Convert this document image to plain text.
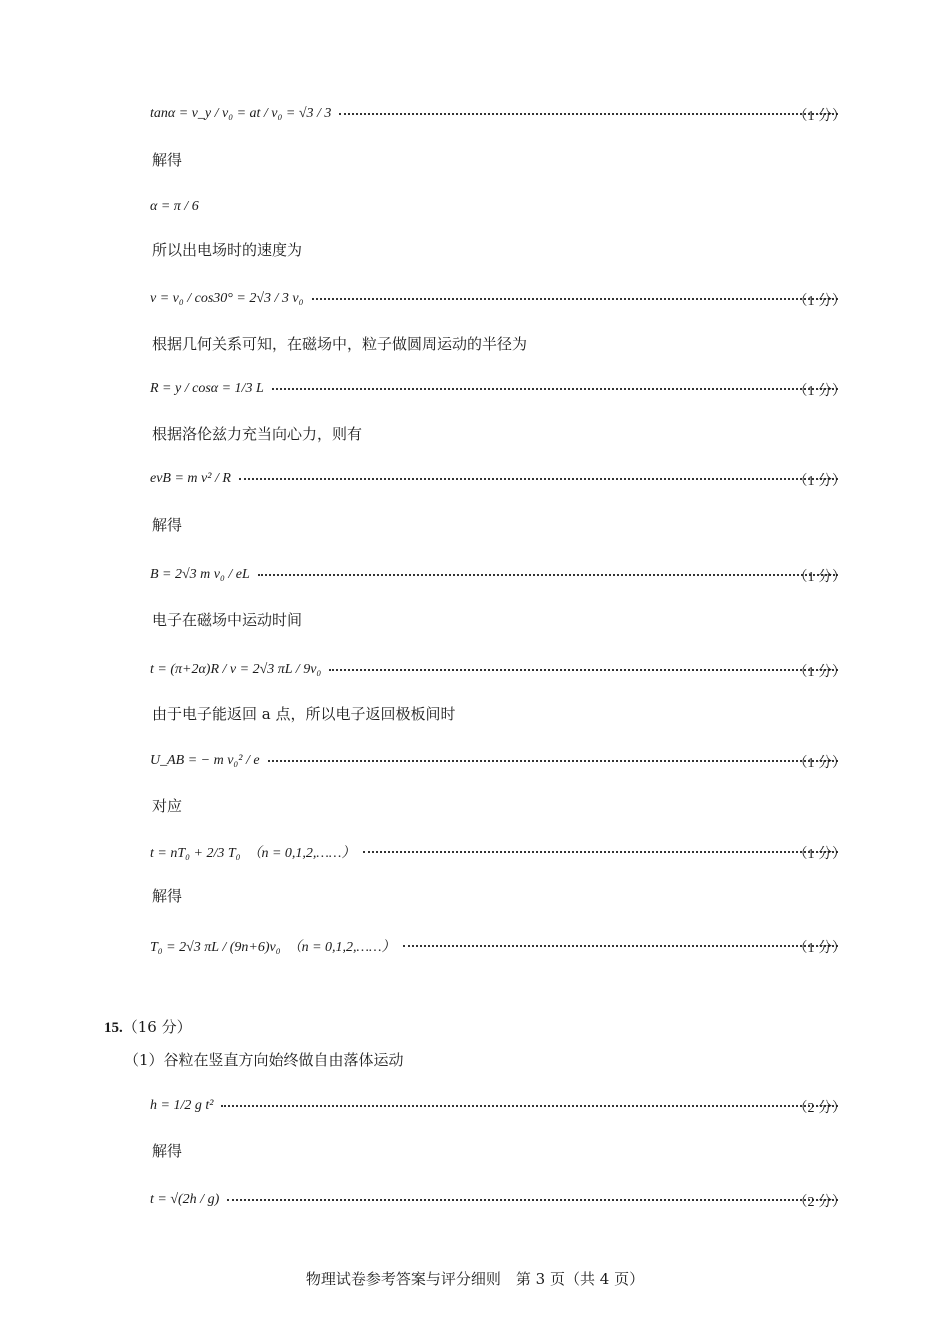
tanα = v_y / v₀ = at / v₀ = √3 / 3	（1 分）
解得
α = π / 6
所以出电场时的速度为
v = v₀ / cos30° = 2√3 / 3 v₀	（1 分）
根据几何关系可知，在磁场中，粒子做圆周运动的半径为
R = y / cosα = 1/3 L	（1 分）
根据洛伦兹力充当向心力，则有
evB = m v² / R	（1 分）
解得
B = 2√3 m v₀ / eL	（1 分）
电子在磁场中运动时间
t = (π+2α)R / v = 2√3 πL / 9v₀	（1 分）
由于电子能返回 a 点，所以电子返回极板间时
U_AB = − m v₀² / e	（1 分）
对应
t = nT₀ + 2/3 T₀　（n = 0,1,2,……）	（1 分）
解得
T₀ = 2√3 πL / (9n+6)v₀　（n = 0,1,2,……）	（1 分）
15.（16 分）
（1）谷粒在竖直方向始终做自由落体运动
h = 1/2 g t²	（2 分）
解得
t = √(2h / g)	（2 分）
物理试卷参考答案与评分细则　第 3 页（共 4 页）
